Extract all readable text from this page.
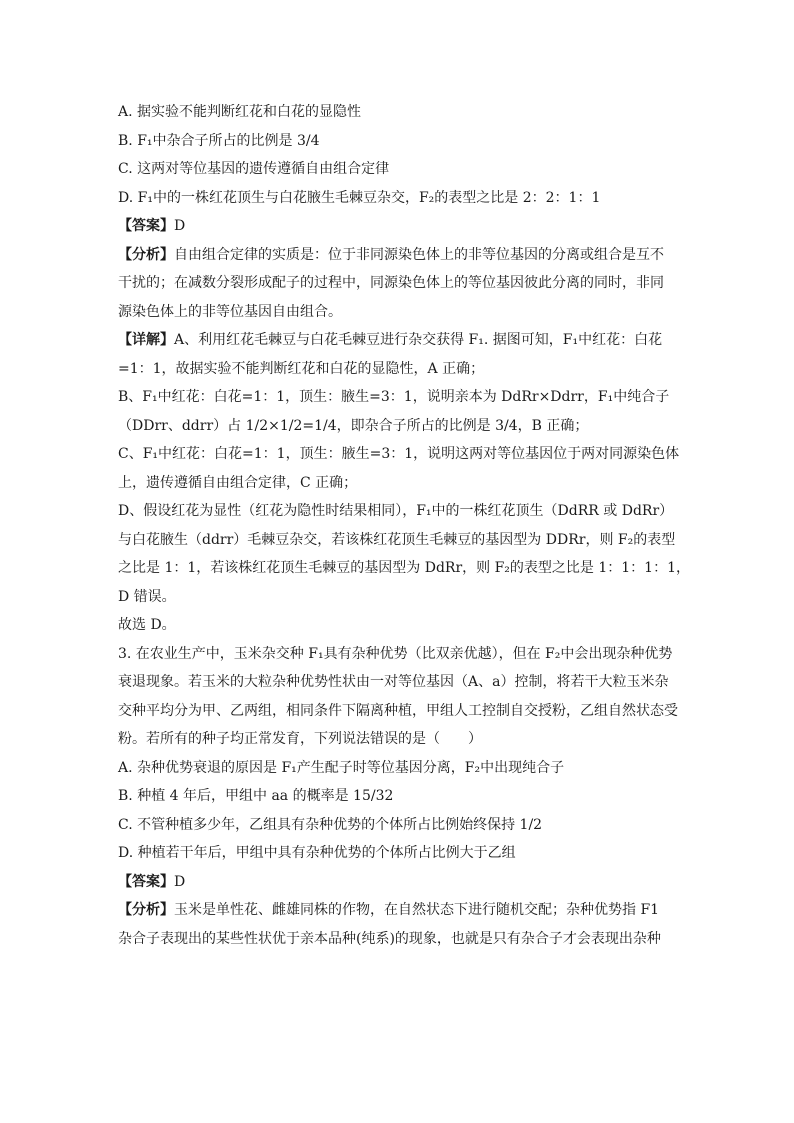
A. 据实验不能判断红花和白花的显隐性

B. F₁中杂合子所占的比例是 3/4

C. 这两对等位基因的遗传遵循自由组合定律

D. F₁中的一株红花顶生与白花腋生毛棘豆杂交，F₂的表型之比是 2：2：1：1

【答案】D

【分析】自由组合定律的实质是：位于非同源染色体上的非等位基因的分离或组合是互不

干扰的；在减数分裂形成配子的过程中，同源染色体上的等位基因彼此分离的同时，非同

源染色体上的非等位基因自由组合。

【详解】A、利用红花毛棘豆与白花毛棘豆进行杂交获得 F₁. 据图可知，F₁中红花：白花

=1：1，故据实验不能判断红花和白花的显隐性，A 正确；

B、F₁中红花：白花=1：1，顶生：腋生=3：1，说明亲本为 DdRr×Ddrr，F₁中纯合子

（DDrr、ddrr）占 1/2×1/2=1/4，即杂合子所占的比例是 3/4，B 正确；

C、F₁中红花：白花=1：1，顶生：腋生=3：1，说明这两对等位基因位于两对同源染色体

上，遗传遵循自由组合定律，C 正确；

D、假设红花为显性（红花为隐性时结果相同），F₁中的一株红花顶生（DdRR 或 DdRr）

与白花腋生（ddrr）毛棘豆杂交，若该株红花顶生毛棘豆的基因型为 DDRr，则 F₂的表型

之比是 1：1，若该株红花顶生毛棘豆的基因型为 DdRr，则 F₂的表型之比是 1：1：1：1，

D 错误。

故选 D。

3. 在农业生产中，玉米杂交种 F₁具有杂种优势（比双亲优越），但在 F₂中会出现杂种优势

衰退现象。若玉米的大粒杂种优势性状由一对等位基因（A、a）控制，将若干大粒玉米杂

交种平均分为甲、乙两组，相同条件下隔离种植，甲组人工控制自交授粉，乙组自然状态受

粉。若所有的种子均正常发育，下列说法错误的是（　　）

A. 杂种优势衰退的原因是 F₁产生配子时等位基因分离，F₂中出现纯合子

B. 种植 4 年后，甲组中 aa 的概率是 15/32

C. 不管种植多少年，乙组具有杂种优势的个体所占比例始终保持 1/2

D. 种植若干年后，甲组中具有杂种优势的个体所占比例大于乙组

【答案】D

【分析】玉米是单性花、雌雄同株的作物，在自然状态下进行随机交配；杂种优势指 F1

杂合子表现出的某些性状优于亲本品种(纯系)的现象，也就是只有杂合子才会表现出杂种
